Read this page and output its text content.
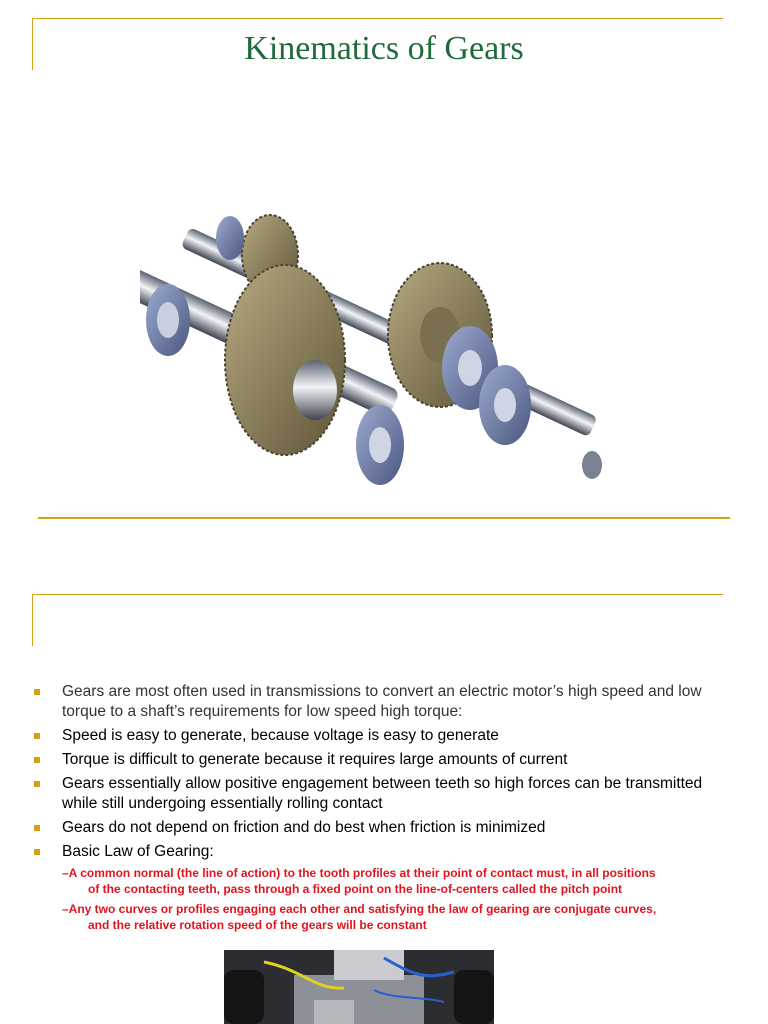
Kinematics of Gears
Gears are most often used in transmissions to convert an electric motor’s high speed and low torque to a shaft’s requirements for low speed high torque:
Speed is easy to generate, because voltage is easy to generate
Torque is difficult to generate because it requires large amounts of current
Gears essentially allow positive engagement between teeth so high forces can be transmitted while still undergoing essentially rolling contact
Gears do not depend on friction and do best when friction is minimized
Basic Law of Gearing:
–A common normal (the line of action) to the tooth profiles at their point of contact must, in all positions
of the contacting teeth, pass through a fixed point on the line-of-centers called the pitch point
–Any two curves or profiles engaging each other and satisfying the law of gearing are conjugate curves,
and the relative rotation speed of the gears will be constant
